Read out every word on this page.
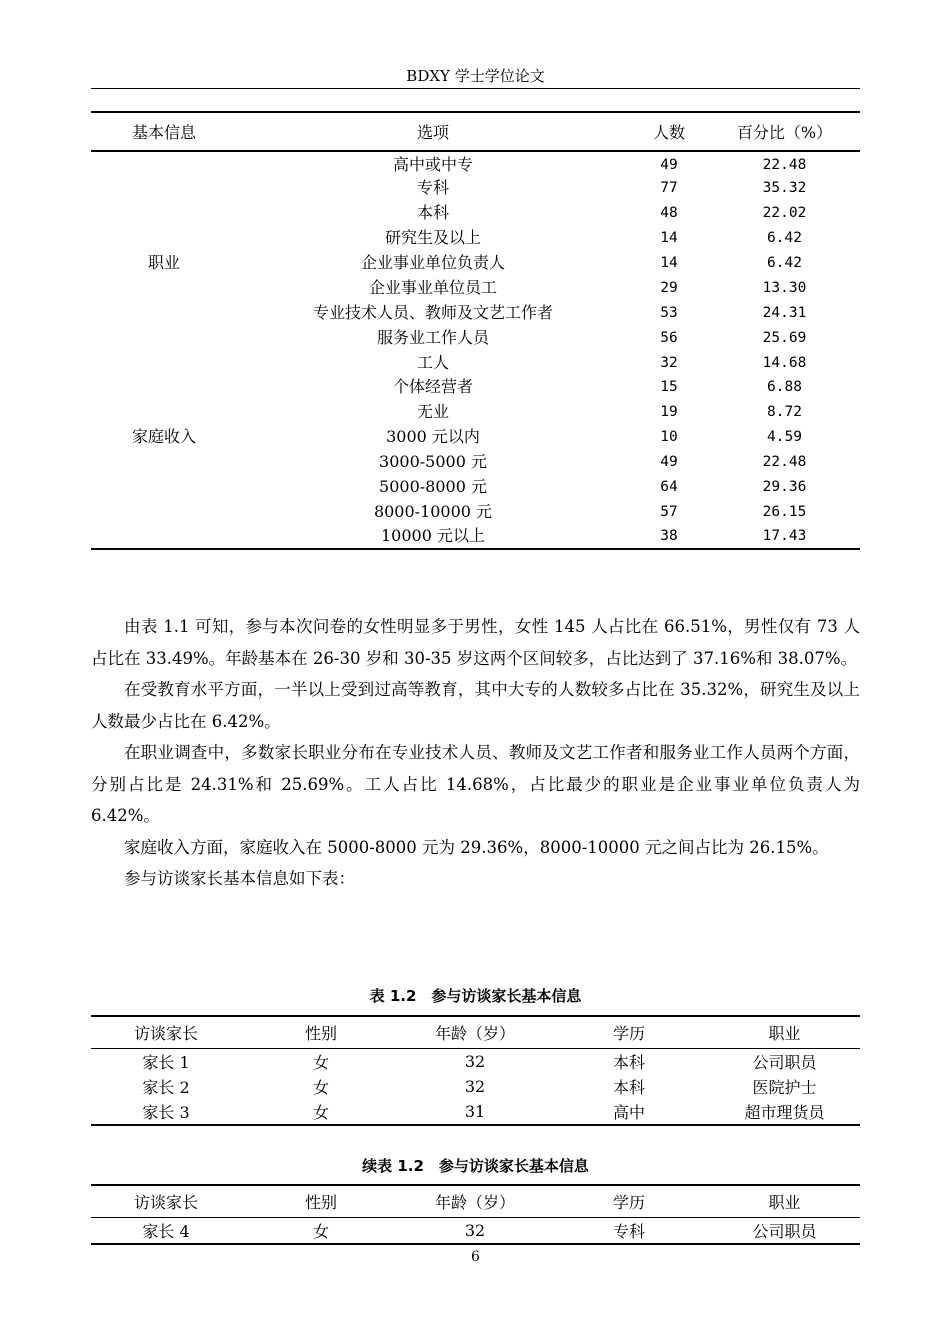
BDXY 学士学位论文
基本信息	选项	人数	百分比（%）
	高中或中专	49	22.48
	专科	77	35.32
	本科	48	22.02
	研究生及以上	14	6.42
职业	企业事业单位负责人	14	6.42
	企业事业单位员工	29	13.30
	专业技术人员、教师及文艺工作者	53	24.31
	服务业工作人员	56	25.69
	工人	32	14.68
	个体经营者	15	6.88
	无业	19	8.72
家庭收入	3000 元以内	10	4.59
	3000-5000 元	49	22.48
	5000-8000 元	64	29.36
	8000-10000 元	57	26.15
	10000 元以上	38	17.43

由表 1.1 可知，参与本次问卷的女性明显多于男性，女性 145 人占比在 66.51%，男性仅有 73 人占比在 33.49%。年龄基本在 26-30 岁和 30-35 岁这两个区间较多，占比达到了 37.16%和 38.07%。

在受教育水平方面，一半以上受到过高等教育，其中大专的人数较多占比在 35.32%，研究生及以上人数最少占比在 6.42%。

在职业调查中，多数家长职业分布在专业技术人员、教师及文艺工作者和服务业工作人员两个方面，分别占比是 24.31%和 25.69%。工人占比 14.68%，占比最少的职业是企业事业单位负责人为 6.42%。

家庭收入方面，家庭收入在 5000-8000 元为 29.36%，8000-10000 元之间占比为 26.15%。

参与访谈家长基本信息如下表：

表 1.2　参与访谈家长基本信息
访谈家长	性别	年龄（岁）	学历	职业
家长 1	女	32	本科	公司职员
家长 2	女	32	本科	医院护士
家长 3	女	31	高中	超市理货员
续表 1.2　参与访谈家长基本信息
访谈家长	性别	年龄（岁）	学历	职业
家长 4	女	32	专科	公司职员
6
